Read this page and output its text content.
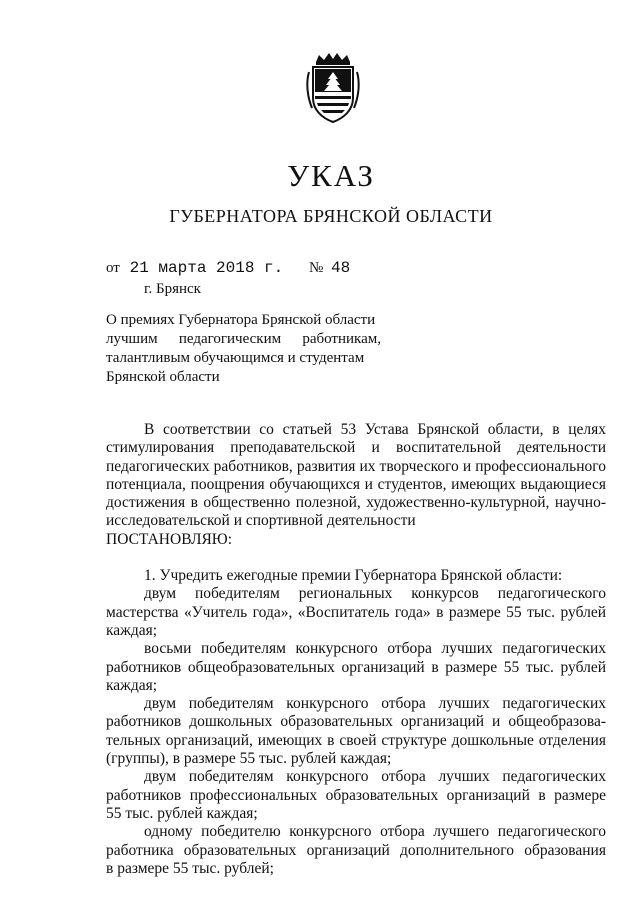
УКАЗ
ГУБЕРНАТОРА БРЯНСКОЙ ОБЛАСТИ
от 21 марта 2018 г. № 48
г. Брянск
О премиях Губернатора Брянской области
лучшим педагогическим работникам,
талантливым обучающимся и студентам
Брянской области
В соответствии со статьей 53 Устава Брянской области, в целях
стимулирования преподавательской и воспитательной деятельности
педагогических работников, развития их творческого и профессионального
потенциала, поощрения обучающихся и студентов, имеющих выдающиеся
достижения в общественно полезной, художественно-культурной, научно-
исследовательской и спортивной деятельности
ПОСТАНОВЛЯЮ:
1. Учредить ежегодные премии Губернатора Брянской области:
двум победителям региональных конкурсов педагогического
мастерства «Учитель года», «Воспитатель года» в размере 55 тыс. рублей
каждая;
восьми победителям конкурсного отбора лучших педагогических
работников общеобразовательных организаций в размере 55 тыс. рублей
каждая;
двум победителям конкурсного отбора лучших педагогических
работников дошкольных образовательных организаций и общеобразова-
тельных организаций, имеющих в своей структуре дошкольные отделения
(группы), в размере 55 тыс. рублей каждая;
двум победителям конкурсного отбора лучших педагогических
работников профессиональных образовательных организаций в размере
55 тыс. рублей каждая;
одному победителю конкурсного отбора лучшего педагогического
работника образовательных организаций дополнительного образования
в размере 55 тыс. рублей;
